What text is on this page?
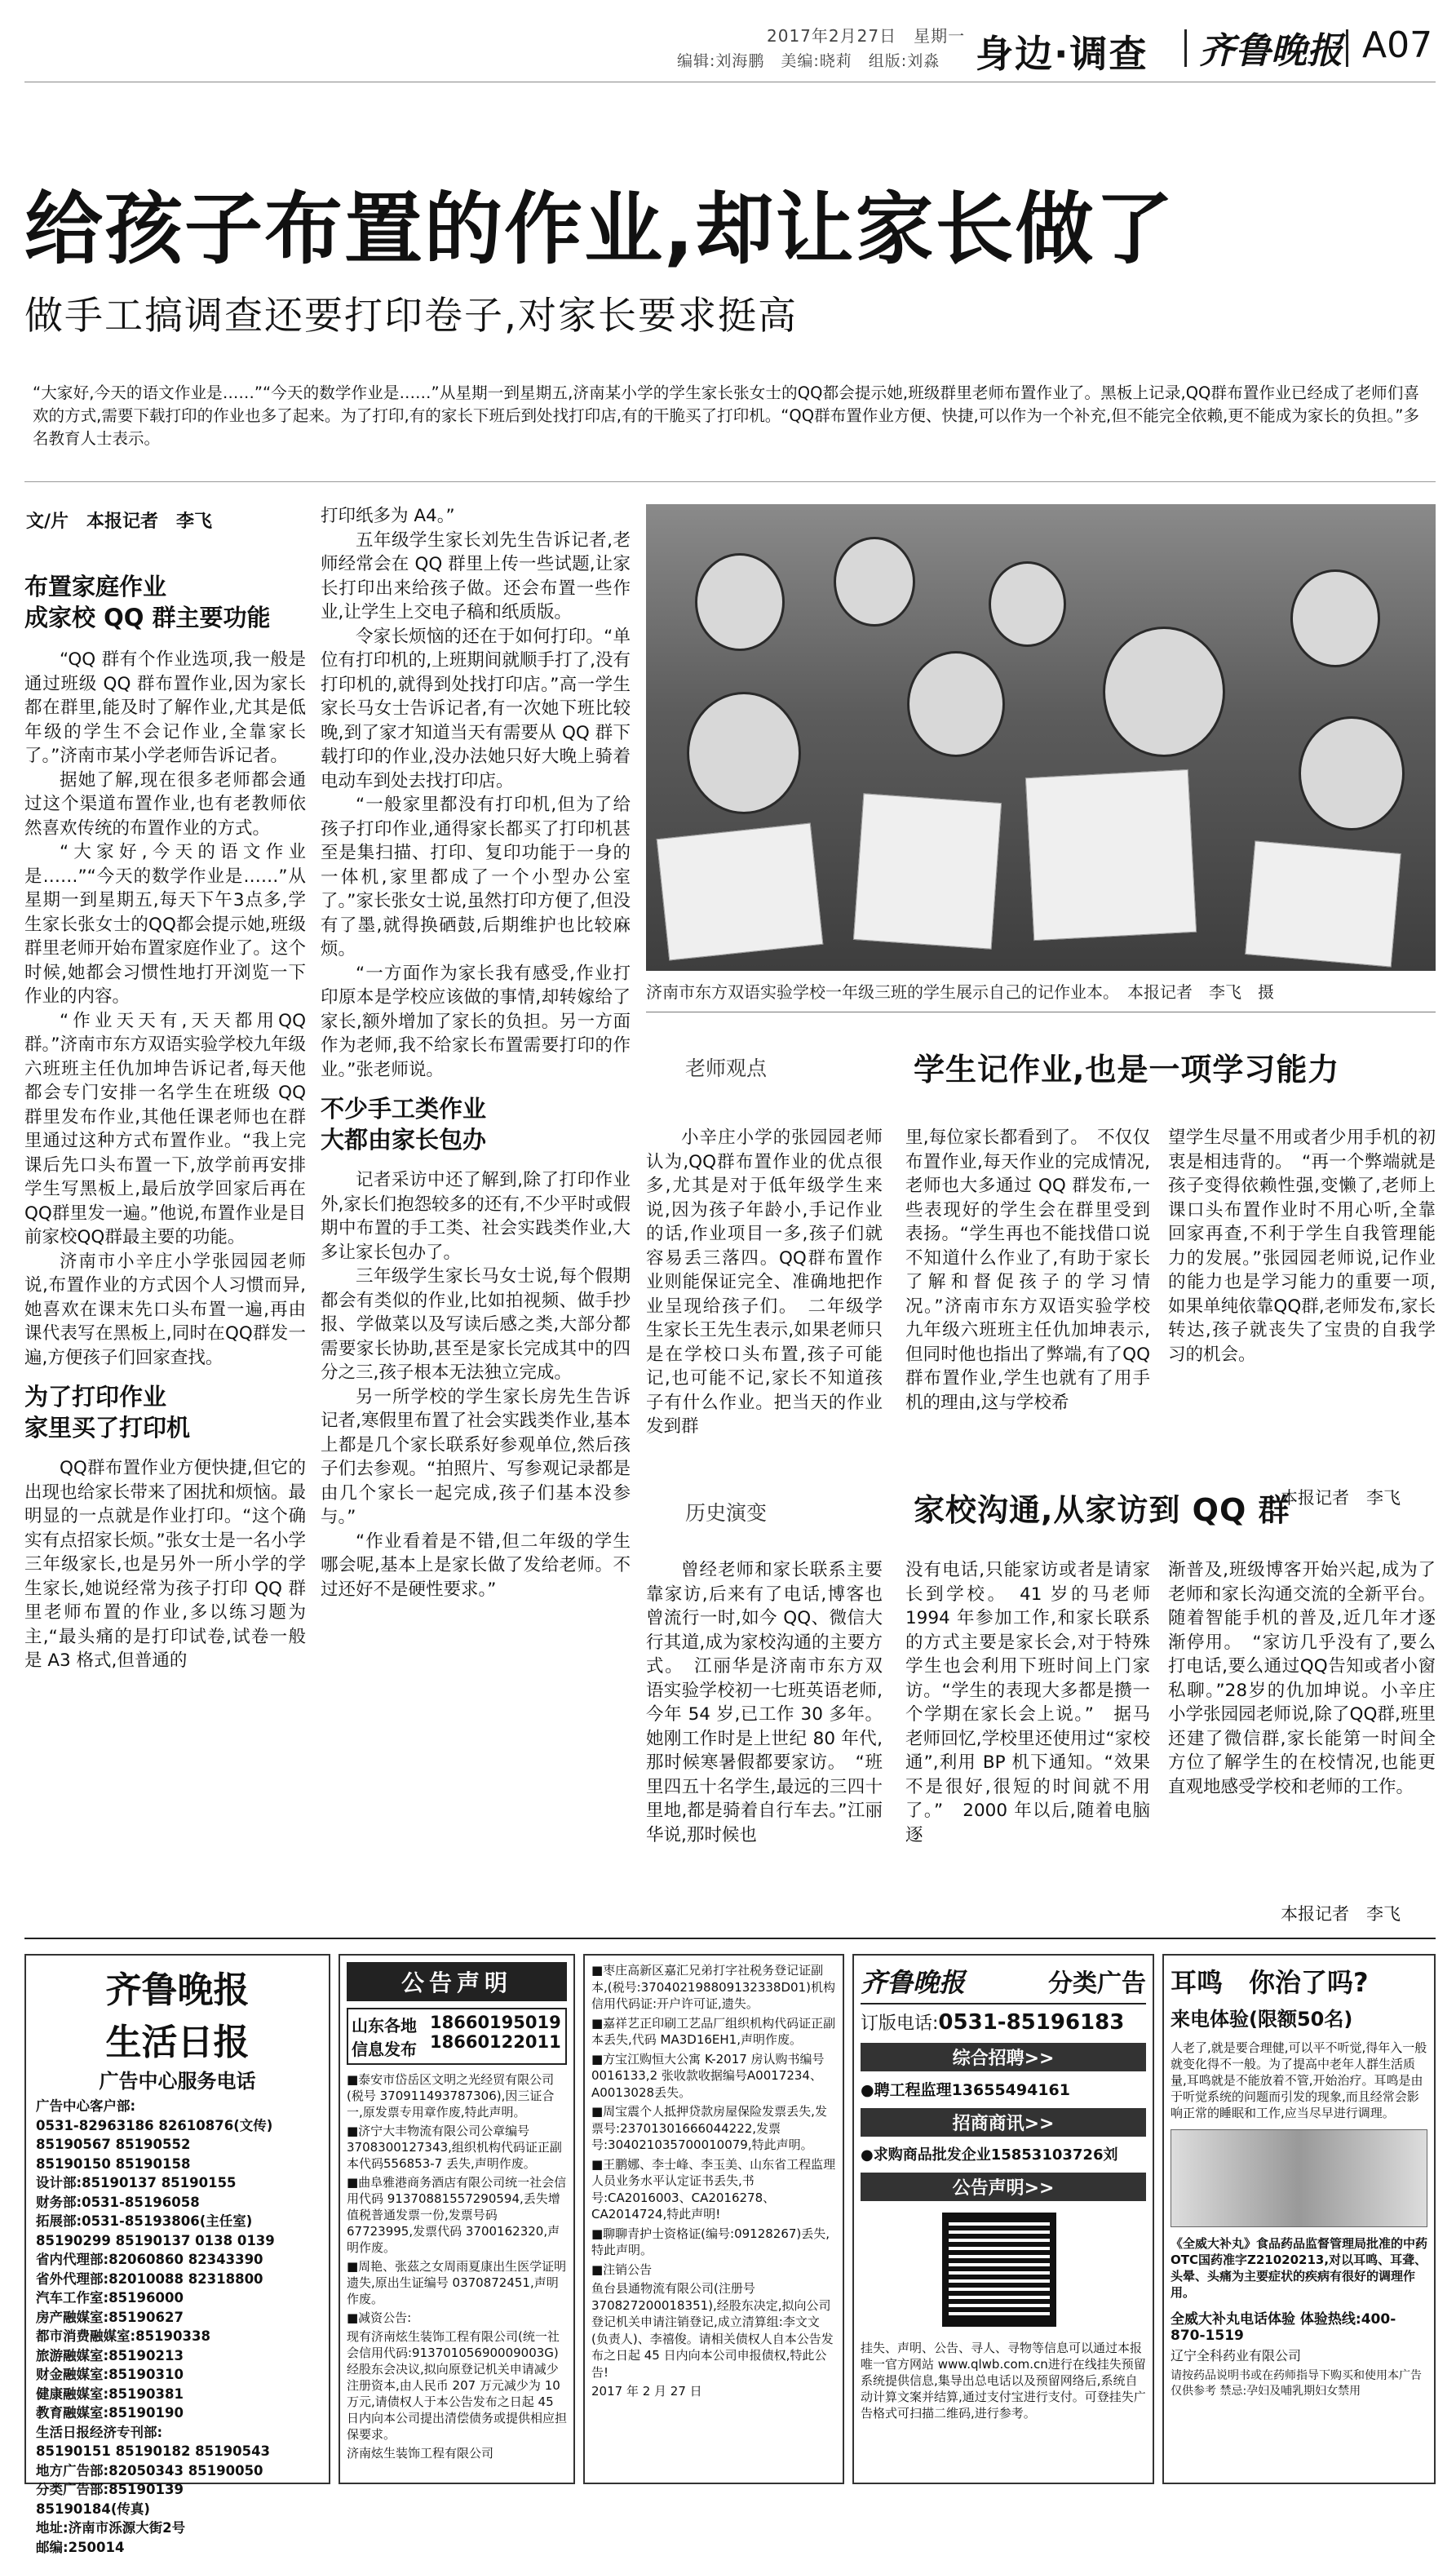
2017年2月27日　星期一
编辑:刘海鹏　美编:晓莉　组版:刘淼 身边·调查 齐鲁晚报 A07
给孩子布置的作业,却让家长做了
做手工搞调查还要打印卷子,对家长要求挺高
“大家好,今天的语文作业是……”“今天的数学作业是……”从星期一到星期五,济南某小学的学生家长张女士的QQ都会提示她,班级群里老师布置作业了。黑板上记录,QQ群布置作业已经成了老师们喜欢的方式,需要下载打印的作业也多了起来。为了打印,有的家长下班后到处找打印店,有的干脆买了打印机。“QQ群布置作业方便、快捷,可以作为一个补充,但不能完全依赖,更不能成为家长的负担。”多名教育人士表示。
文/片　本报记者　李飞
布置家庭作业
成家校 QQ 群主要功能

“QQ 群有个作业选项,我一般是通过班级 QQ 群布置作业,因为家长都在群里,能及时了解作业,尤其是低年级的学生不会记作业,全靠家长了。”济南市某小学老师告诉记者。

据她了解,现在很多老师都会通过这个渠道布置作业,也有老教师依然喜欢传统的布置作业的方式。

“大家好,今天的语文作业是……”“今天的数学作业是……”从星期一到星期五,每天下午3点多,学生家长张女士的QQ都会提示她,班级群里老师开始布置家庭作业了。这个时候,她都会习惯性地打开浏览一下作业的内容。

“作业天天有,天天都用QQ群。”济南市东方双语实验学校九年级六班班主任仇加坤告诉记者,每天他都会专门安排一名学生在班级 QQ 群里发布作业,其他任课老师也在群里通过这种方式布置作业。“我上完课后先口头布置一下,放学前再安排学生写黑板上,最后放学回家后再在QQ群里发一遍。”他说,布置作业是目前家校QQ群最主要的功能。

济南市小辛庄小学张园园老师说,布置作业的方式因个人习惯而异,她喜欢在课末先口头布置一遍,再由课代表写在黑板上,同时在QQ群发一遍,方便孩子们回家查找。

为了打印作业
家里买了打印机

QQ群布置作业方便快捷,但它的出现也给家长带来了困扰和烦恼。最明显的一点就是作业打印。“这个确实有点招家长烦。”张女士是一名小学三年级家长,也是另外一所小学的学生家长,她说经常为孩子打印 QQ 群里老师布置的作业,多以练习题为主,“最头痛的是打印试卷,试卷一般是 A3 格式,但普通的

打印纸多为 A4。”

五年级学生家长刘先生告诉记者,老师经常会在 QQ 群里上传一些试题,让家长打印出来给孩子做。还会布置一些作业,让学生上交电子稿和纸质版。

令家长烦恼的还在于如何打印。“单位有打印机的,上班期间就顺手打了,没有打印机的,就得到处找打印店。”高一学生家长马女士告诉记者,有一次她下班比较晚,到了家才知道当天有需要从 QQ 群下载打印的作业,没办法她只好大晚上骑着电动车到处去找打印店。

“一般家里都没有打印机,但为了给孩子打印作业,通得家长都买了打印机甚至是集扫描、打印、复印功能于一身的一体机,家里都成了一个小型办公室了。”家长张女士说,虽然打印方便了,但没有了墨,就得换硒鼓,后期维护也比较麻烦。

“一方面作为家长我有感受,作业打印原本是学校应该做的事情,却转嫁给了家长,额外增加了家长的负担。另一方面作为老师,我不给家长布置需要打印的作业。”张老师说。

不少手工类作业
大都由家长包办

记者采访中还了解到,除了打印作业外,家长们抱怨较多的还有,不少平时或假期中布置的手工类、社会实践类作业,大多让家长包办了。

三年级学生家长马女士说,每个假期都会有类似的作业,比如拍视频、做手抄报、学做菜以及写读后感之类,大部分都需要家长协助,甚至是家长完成其中的四分之三,孩子根本无法独立完成。

另一所学校的学生家长房先生告诉记者,寒假里布置了社会实践类作业,基本上都是几个家长联系好参观单位,然后孩子们去参观。“拍照片、写参观记录都是由几个家长一起完成,孩子们基本没参与。”

“作业看着是不错,但二年级的学生哪会呢,基本上是家长做了发给老师。不过还好不是硬性要求。”

济南市东方双语实验学校一年级三班的学生展示自己的记作业本。　本报记者　李飞　摄
老师观点	学生记作业,也是一项学习能力
小辛庄小学的张园园老师认为,QQ群布置作业的优点很多,尤其是对于低年级学生来说,因为孩子年龄小,手记作业的话,作业项目一多,孩子们就容易丢三落四。QQ群布置作业则能保证完全、准确地把作业呈现给孩子们。　二年级学生家长王先生表示,如果老师只是在学校口头布置,孩子可能记,也可能不记,家长不知道孩子有什么作业。把当天的作业发到群
里,每位家长都看到了。　不仅仅布置作业,每天作业的完成情况,老师也大多通过 QQ 群发布,一些表现好的学生会在群里受到表扬。“学生再也不能找借口说不知道什么作业了,有助于家长了解和督促孩子的学习情况。”济南市东方双语实验学校九年级六班班主任仇加坤表示,但同时他也指出了弊端,有了QQ 群布置作业,学生也就有了用手机的理由,这与学校希
望学生尽量不用或者少用手机的初衷是相违背的。　“再一个弊端就是孩子变得依赖性强,变懒了,老师上课口头布置作业时不用心听,全靠回家再查,不利于学生自我管理能力的发展。”张园园老师说,记作业的能力也是学习能力的重要一项,如果单纯依靠QQ群,老师发布,家长转达,孩子就丧失了宝贵的自我学习的机会。
本报记者　李飞
历史演变	家校沟通,从家访到 QQ 群
曾经老师和家长联系主要靠家访,后来有了电话,博客也曾流行一时,如今 QQ、微信大行其道,成为家校沟通的主要方式。　江丽华是济南市东方双语实验学校初一七班英语老师,今年 54 岁,已工作 30 多年。她刚工作时是上世纪 80 年代,那时候寒暑假都要家访。　“班里四五十名学生,最远的三四十里地,都是骑着自行车去。”江丽华说,那时候也
没有电话,只能家访或者是请家长到学校。　41 岁的马老师 1994 年参加工作,和家长联系的方式主要是家长会,对于特殊学生也会利用下班时间上门家访。“学生的表现大多都是攒一个学期在家长会上说。”　据马老师回忆,学校里还使用过“家校通”,利用 BP 机下通知。“效果不是很好,很短的时间就不用了。”　2000 年以后,随着电脑逐
渐普及,班级博客开始兴起,成为了老师和家长沟通交流的全新平台。随着智能手机的普及,近几年才逐渐停用。　“家访几乎没有了,要么打电话,要么通过QQ告知或者小窗私聊。”28岁的仇加坤说。小辛庄小学张园园老师说,除了QQ群,班里还建了微信群,家长能第一时间全方位了解学生的在校情况,也能更直观地感受学校和老师的工作。
本报记者　李飞
齐鲁晚报
生活日报
广告中心服务电话
广告中心客户部:
0531-82963186 82610876(文传)
85190567 85190552
85190150 85190158
设计部:85190137 85190155
财务部:0531-85196058
拓展部:0531-85193806(主任室)
85190299 85190137 0138 0139
省内代理部:82060860 82343390
省外代理部:82010088 82318800
汽车工作室:85196000
房产融媒室:85190627
都市消费融媒室:85190338
旅游融媒室:85190213
财金融媒室:85190310
健康融媒室:85190381
教育融媒室:85190190
生活日报经济专刊部:
85190151 85190182 85190543
地方广告部:82050343 85190050
分类广告部:85190139
85190184(传真)
地址:济南市泺源大街2号
邮编:250014
公告声明
山东各地 信息发布
18660195019
18660122011
■泰安市岱岳区文明之光经贸有限公司(税号 370911493787306),因三证合一,原发票专用章作废,特此声明。
■济宁大丰物流有限公司公章编号3708300127343,组织机构代码证正副本代码556853-7 丢失,声明作废。
■曲阜雅港商务酒店有限公司统一社会信用代码 91370881557290594,丢失增值税普通发票一份,发票号码 67723995,发票代码 3700162320,声明作废。
■周艳、张茲之女周雨夏康出生医学证明遗失,原出生证编号 0370872451,声明作废。
■减资公告:
现有济南炫生装饰工程有限公司(统一社会信用代码:91370105690009003G)经股东会决议,拟向原登记机关申请减少注册资本,由人民币 207 万元减少为 10 万元,请债权人于本公告发布之日起 45 日内向本公司提出清偿债务或提供相应担保要求。
济南炫生装饰工程有限公司
■枣庄高新区嘉汇兄弟打字社税务登记证副本,(税号:370402198809132338D01)机构信用代码证:开户许可证,遗失。
■嘉祥艺正印刷工艺品厂组织机构代码证正副本丢失,代码 MA3D16EH1,声明作废。
■方宝江购恒大公寓 K-2017 房认购书编号 0016133,2 张收款收据编号A0017234、A0013028丢失。
■周宝震个人抵押贷款房屋保险发票丢失,发票号:23701301666044222,发票号:304021035700010079,特此声明。
■王鹏娜、李士峰、李玉美、山东省工程监理人员业务水平认定证书丢失,书号:CA2016003、CA2016278、CA2014724,特此声明!
■聊聊青护士资格证(编号:09128267)丢失,特此声明。
■注销公告
鱼台县通物流有限公司(注册号370827200018351),经股东决定,拟向公司登记机关申请注销登记,成立清算组:李文文(负责人)、李禧俊。请相关债权人自本公告发布之日起 45 日内向本公司申报债权,特此公告!
2017 年 2 月 27 日
齐鲁晚报	分类广告
订版电话:0531-85196183
综合招聘>>
●聘工程监理13655494161
招商商讯>>
●求购商品批发企业15853103726刘
公告声明>>
挂失、声明、公告、寻人、寻物等信息可以通过本报唯一官方网站 www.qlwb.com.cn进行在线挂失预留系统提供信息,集导出总电话以及预留网络后,系统自动计算文案并结算,通过支付宝进行支付。可登挂失广告格式可扫描二维码,进行参考。
耳鸣　你治了吗?
来电体验(限额50名)
人老了,就是要合理健,可以平不听觉,得年入一般就变化得不一般。为了提高中老年人群生活质量,耳鸣就是不能放着不管,开始治疗。耳鸣是由于听觉系统的问题而引发的现象,而且经常会影响正常的睡眠和工作,应当尽早进行调理。
《全威大补丸》食品药品监督管理局批准的中药OTC国药准字Z21020213,对以耳鸣、耳聋、头晕、头痛为主要症状的疾病有很好的调理作用。
全威大补丸电话体验 体验热线:400-870-1519
辽宁全科药业有限公司
请按药品说明书或在药师指导下购买和使用本广告仅供参考 禁忌:孕妇及哺乳期妇女禁用
